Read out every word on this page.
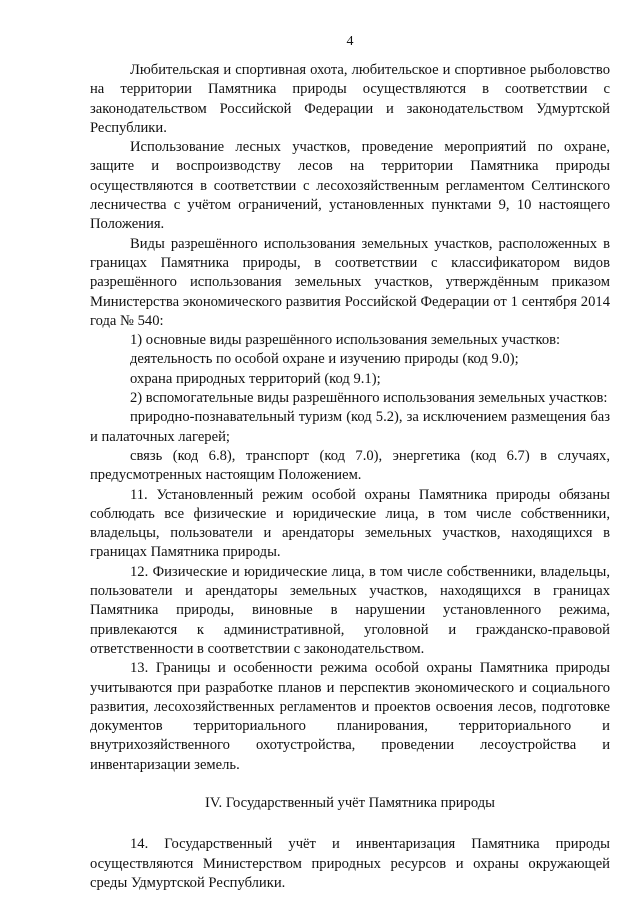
4

Любительская и спортивная охота, любительское и спортивное рыболовство на территории Памятника природы осуществляются в соответствии с законодательством Российской Федерации и законодательством Удмуртской Республики.

Использование лесных участков, проведение мероприятий по охране, защите и воспроизводству лесов на территории Памятника природы осуществляются в соответствии с лесохозяйственным регламентом Селтинского лесничества с учётом ограничений, установленных пунктами 9, 10 настоящего Положения.

Виды разрешённого использования земельных участков, расположенных в границах Памятника природы, в соответствии с классификатором видов разрешённого использования земельных участков, утверждённым приказом Министерства экономического развития Российской Федерации от 1 сентября 2014 года № 540:

1) основные виды разрешённого использования земельных участков:

деятельность по особой охране и изучению природы (код 9.0);

охрана природных территорий (код 9.1);

2) вспомогательные виды разрешённого использования земельных участков:

природно-познавательный туризм (код 5.2), за исключением размещения баз и палаточных лагерей;

связь (код 6.8), транспорт (код 7.0), энергетика (код 6.7) в случаях, предусмотренных настоящим Положением.

11. Установленный режим особой охраны Памятника природы обязаны соблюдать все физические и юридические лица, в том числе собственники, владельцы, пользователи и арендаторы земельных участков, находящихся в границах Памятника природы.

12. Физические и юридические лица, в том числе собственники, владельцы, пользователи и арендаторы земельных участков, находящихся в границах Памятника природы, виновные в нарушении установленного режима, привлекаются к административной, уголовной и гражданско-правовой ответственности в соответствии с законодательством.

13. Границы и особенности режима особой охраны Памятника природы учитываются при разработке планов и перспектив экономического и социального развития, лесохозяйственных регламентов и проектов освоения лесов, подготовке документов территориального планирования, территориального и внутрихозяйственного охотустройства, проведении лесоустройства и инвентаризации земель.

IV. Государственный учёт Памятника природы

14. Государственный учёт и инвентаризация Памятника природы осуществляются Министерством природных ресурсов и охраны окружающей среды Удмуртской Республики.
